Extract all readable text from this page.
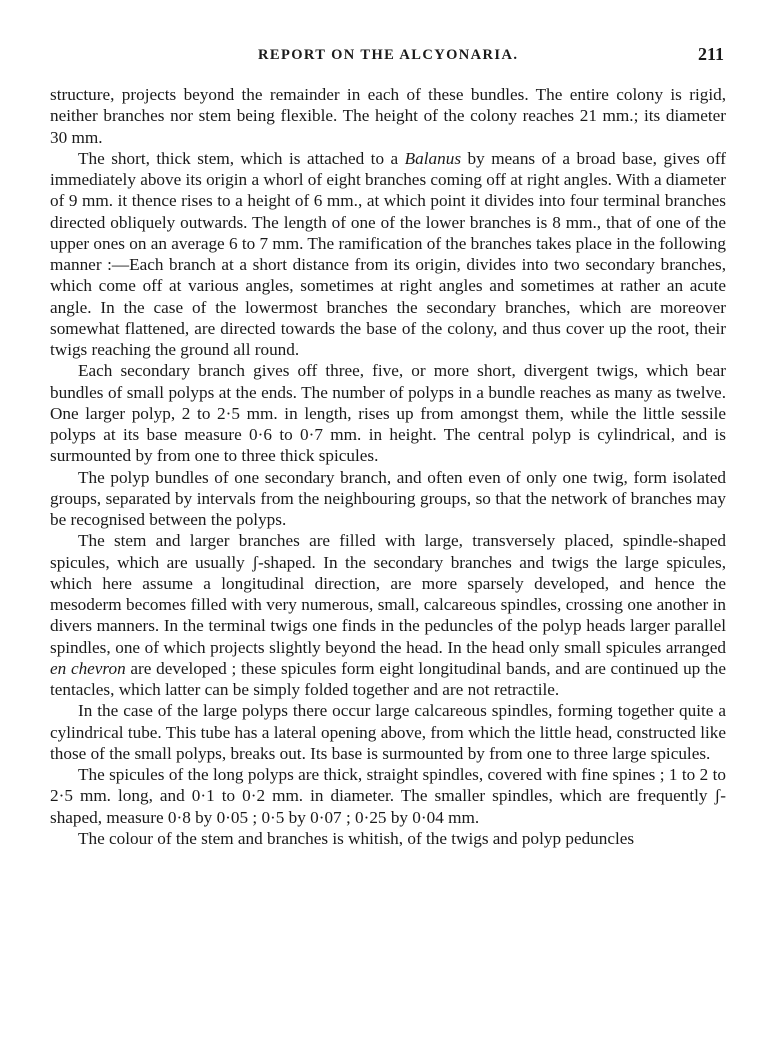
REPORT ON THE ALCYONARIA.	211

structure, projects beyond the remainder in each of these bundles. The entire colony is rigid, neither branches nor stem being flexible. The height of the colony reaches 21 mm.; its diameter 30 mm.

The short, thick stem, which is attached to a Balanus by means of a broad base, gives off immediately above its origin a whorl of eight branches coming off at right angles. With a diameter of 9 mm. it thence rises to a height of 6 mm., at which point it divides into four terminal branches directed obliquely outwards. The length of one of the lower branches is 8 mm., that of one of the upper ones on an average 6 to 7 mm. The ramification of the branches takes place in the following manner :—Each branch at a short distance from its origin, divides into two secondary branches, which come off at various angles, sometimes at right angles and sometimes at rather an acute angle. In the case of the lowermost branches the secondary branches, which are moreover somewhat flattened, are directed towards the base of the colony, and thus cover up the root, their twigs reaching the ground all round.

Each secondary branch gives off three, five, or more short, divergent twigs, which bear bundles of small polyps at the ends. The number of polyps in a bundle reaches as many as twelve. One larger polyp, 2 to 2·5 mm. in length, rises up from amongst them, while the little sessile polyps at its base measure 0·6 to 0·7 mm. in height. The central polyp is cylindrical, and is surmounted by from one to three thick spicules.

The polyp bundles of one secondary branch, and often even of only one twig, form isolated groups, separated by intervals from the neighbouring groups, so that the network of branches may be recognised between the polyps.

The stem and larger branches are filled with large, transversely placed, spindle-shaped spicules, which are usually ʃ-shaped. In the secondary branches and twigs the large spicules, which here assume a longitudinal direction, are more sparsely developed, and hence the mesoderm becomes filled with very numerous, small, calcareous spindles, crossing one another in divers manners. In the terminal twigs one finds in the peduncles of the polyp heads larger parallel spindles, one of which projects slightly beyond the head. In the head only small spicules arranged en chevron are developed ; these spicules form eight longitudinal bands, and are continued up the tentacles, which latter can be simply folded together and are not retractile.

In the case of the large polyps there occur large calcareous spindles, forming together quite a cylindrical tube. This tube has a lateral opening above, from which the little head, constructed like those of the small polyps, breaks out. Its base is surmounted by from one to three large spicules.

The spicules of the long polyps are thick, straight spindles, covered with fine spines ; 1 to 2 to 2·5 mm. long, and 0·1 to 0·2 mm. in diameter. The smaller spindles, which are frequently ʃ-shaped, measure 0·8 by 0·05 ; 0·5 by 0·07 ; 0·25 by 0·04 mm.

The colour of the stem and branches is whitish, of the twigs and polyp peduncles
